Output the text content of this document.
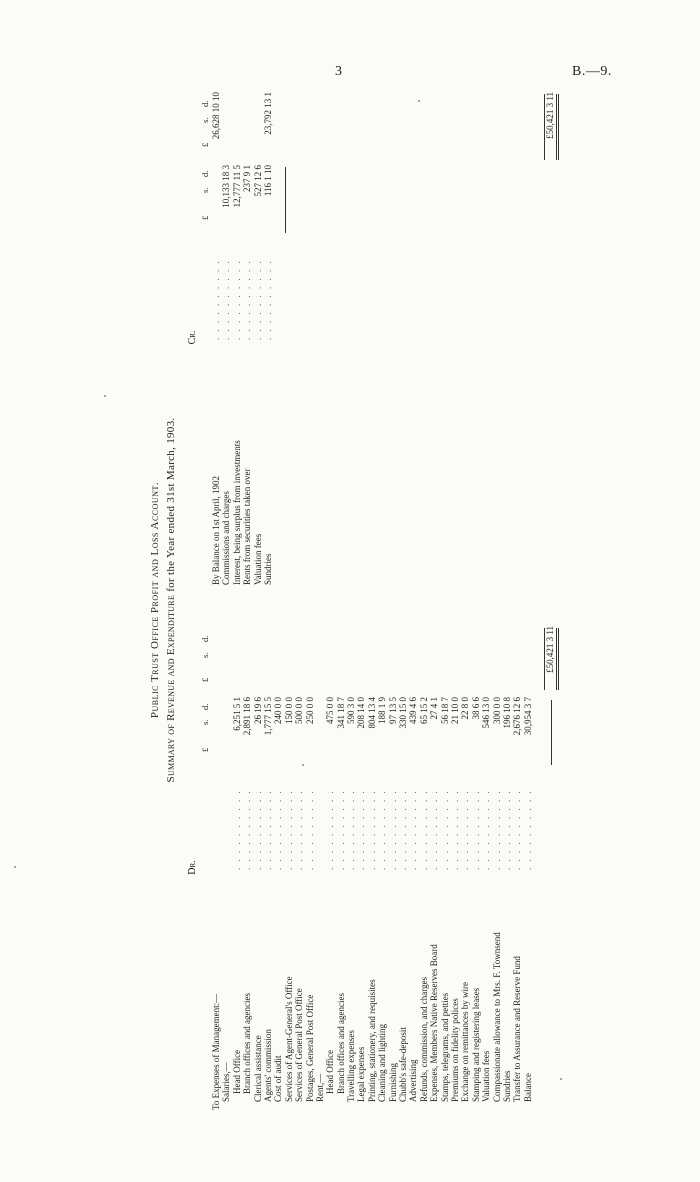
3	B.—9.
Public Trust Office Profit and Loss Account. Summary of Revenue and Expenditure for the Year ended 31st March, 1903.
Dr.
£
s.
d.
£
s.
d.
To Expenses of Management:— Salaries,— Head Office
. . . . . . . . . .
6,251 5 1
Branch offices and agencies
. . . . . . . . . .
2,891 18 6
Clerical assistance
. . . . . . . . . .
26 19 6
Agents' commission
. . . . . . . . . .
1,777 15 5
Cost of audit
. . . . . . . . . .
240 0 0
Services of Agent-General's Office
. . . . . . . . . .
150 0 0
Services of General Post Office
. . . . . . . . . .
500 0 0
Postages, General Post Office
. . . . . . . . . .
250 0 0
Rent,— Head Office
. . . . . . . . . .
475 0 0
Branch offices and agencies
. . . . . . . . . .
341 18 7
Travelling expenses
. . . . . . . . . .
590 3 0
Legal expenses
. . . . . . . . . .
208 14 0
Printing, stationery, and requisites
. . . . . . . . . .
804 13 4
Cleaning and lighting
. . . . . . . . . .
188 1 9
Furnishing
. . . . . . . . . .
97 13 5
Chubb's safe-deposit
. . . . . . . . . .
330 15 0
Advertising
. . . . . . . . . .
439 4 6
Refunds, commission, and charges
. . . . . . . . . .
65 15 2
Expenses, Members Native Reserves Board
. . . . . . . . . .
27 4 1
Stamps, telegrams, and petties
. . . . . . . . . .
56 18 7
Premiums on fidelity polices
. . . . . . . . . .
21 10 0
Exchange on remittances by wire
. . . . . . . . . .
22 8 0
Stamping and registering leases
. . . . . . . . . .
38 6 6
Valuation fees
. . . . . . . . . .
546 13 0
Compassionate allowance to Mrs. F. Townsend
. . . . . . . . . .
300 0 0
Sundries
. . . . . . . . . .
196 10 8
Transfer to Assurance and Reserve Fund
. . . . . . . . . .
2,676 12 6
Balance
. . . . . . . . . .
30,954 3 7
£50,421 3 11
Cr.
£
s.
d.
£
s.
d.
By Balance on 1st April, 1902
. . . . . . . . . .
26,628 10 10
Commissions and charges
. . . . . . . . . .
10,133 18 3
Interest, being surplus from investments
. . . . . . . . . .
12,777 11 5
Rents from securities taken over
. . . . . . . . . .
237 9 1
Valuation fees
. . . . . . . . . .
527 12 6
Sundries
. . . . . . . . . .
116 1 10
23,792 13 1	£50,421 3 11
